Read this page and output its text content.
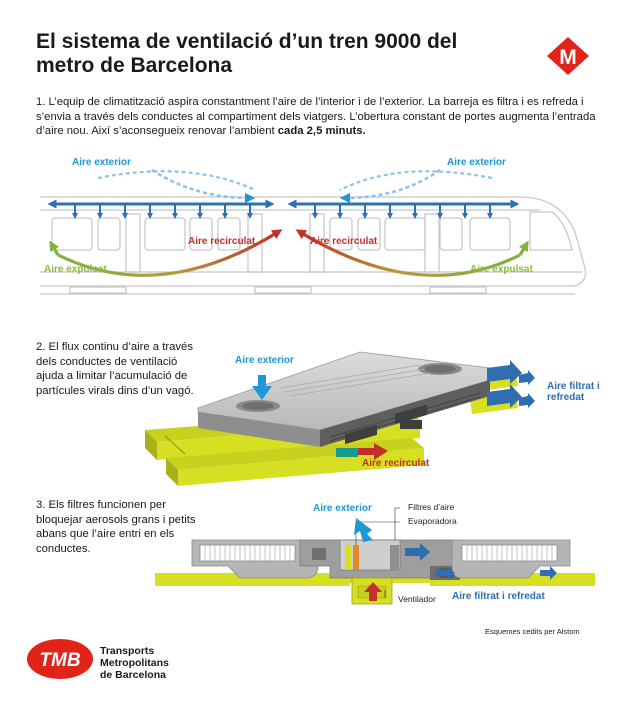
El sistema de ventilació d’un tren 9000 del metro de Barcelona	M

1. L’equip de climatització aspira constantment l’aire de l’interior i de l’exterior. La barreja es filtra i es refreda i s’envia a través dels conductes al compartiment dels viatgers. L’obertura constant de portes augmenta l’entrada d’aire nou. Així s’aconsegueix renovar l’ambient cada 2,5 minuts.

Aire exterior	Aire exterior
Aire recirculat	Aire recirculat
Aire expulsat	Aire expulsat

2. El flux continu d’aire a través dels conductes de ventilació ajuda a limitar l’acumulació de partícules virals dins d’un vagó.

Aire exterior
Aire filtrat i refredat
Aire recirculat

3. Els filtres funcionen per bloquejar aerosols grans i petits abans que l’aire entri en els conductes.

Aire exterior	Filtres d’aire
Evaporadora
Ventilador Aire filtrat i refredat
Esquemes cedits per Alstom
TMB Transports
Metropolitans
de Barcelona
